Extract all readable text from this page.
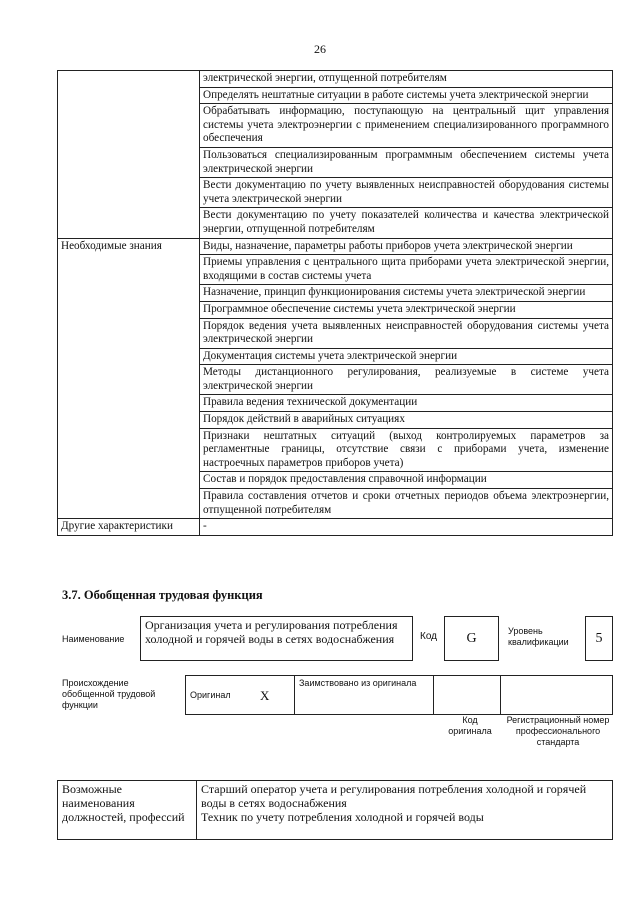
26
	электрической энергии, отпущенной потребителям
	Определять нештатные ситуации в работе системы учета электрической энергии
	Обрабатывать информацию, поступающую на центральный щит управления системы учета электроэнергии с применением специализированного программного обеспечения
	Пользоваться специализированным программным обеспечением системы учета электрической энергии
	Вести документацию по учету выявленных неисправностей оборудования системы учета электрической энергии
	Вести документацию по учету показателей количества и качества электрической энергии, отпущенной потребителям
Необходимые знания	Виды, назначение, параметры работы приборов учета электрической энергии
	Приемы управления с центрального щита приборами учета электрической энергии, входящими в состав системы учета
	Назначение, принцип функционирования системы учета электрической энергии
	Программное обеспечение системы учета электрической энергии
	Порядок ведения учета выявленных неисправностей оборудования системы учета электрической энергии
	Документация системы учета электрической энергии
	Методы дистанционного регулирования, реализуемые в системе учета электрической энергии
	Правила ведения технической документации
	Порядок действий в аварийных ситуациях
	Признаки нештатных ситуаций (выход контролируемых параметров за регламентные границы, отсутствие связи с приборами учета, изменение настроечных параметров приборов учета)
	Состав и порядок предоставления справочной информации
	Правила составления отчетов и сроки отчетных периодов объема электроэнергии, отпущенной потребителям
Другие характеристики	-
3.7. Обобщенная трудовая функция
Наименование
Организация учета и регулирования потребления холодной и горячей воды в сетях водоснабжения	Код	G	Уровень квалификации	5
Происхождение обобщенной трудовой функции
Оригинал	X	Заимствовано из оригинала		
Код оригинала
Регистрационный номер профессионального стандарта
Возможные наименования должностей, профессий	
Старший оператор учета и регулирования потребления холодной и горячей воды в сетях водоснабжения
Техник по учету потребления холодной и горячей воды
